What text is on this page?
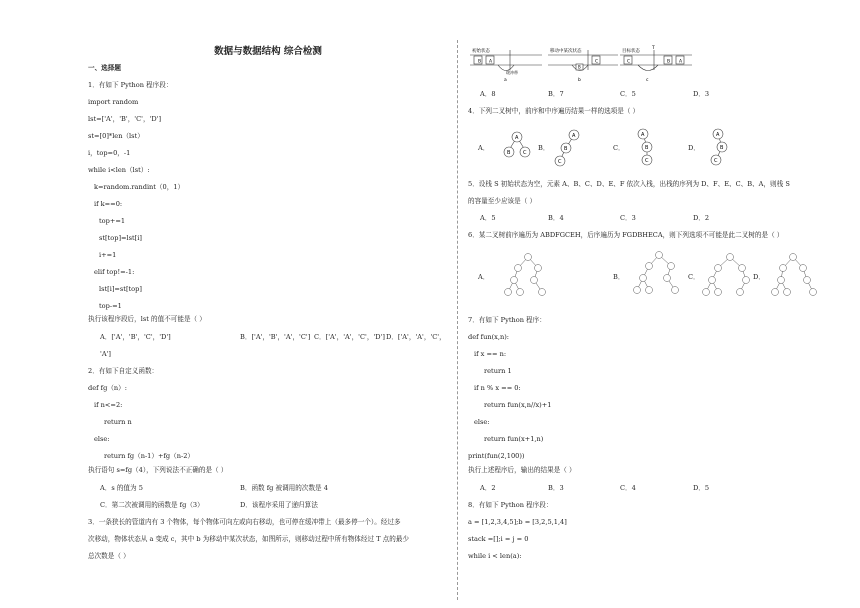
数据与数据结构 综合检测
一、选择题
1．有如下 Python 程序段：
import random
lst=['A'，'B'，'C'，'D']
st=[0]*len（lst）
i，top=0，-1
while i<len（lst）:
k=random.randint（0，1）
if k==0:
top+=1
st[top]=lst[i]
i+=1
elif top!=-1:
lst[i]=st[top]
top-=1
执行该程序段后，lst 的值不可能是（ ）
A．['A'，'B'，'C'，'D']	B．['A'，'B'，'A'，'C'] C．['A'，'A'，'C'，'D'] D．['A'，'A'，'C'，
'A']
2．有如下自定义函数：
def fg（n）:
if n<=2:
return n
else:
return fg（n-1）+fg（n-2）
执行语句 s=fg（4），下列说法不正确的是（ ）
A．s 的值为 5	B．函数 fg 被调用的次数是 4
C．第二次被调用的函数是 fg（3）	D．该程序采用了递归算法
3．一条狭长的管道内有 3 个物体，每个物体可向左或向右移动，也可停在缓冲带上（最多停一个）。经过多
次移动，物体状态从 a 变成 c，其中 b 为移动中某次状态，如图所示，则移动过程中所有物体经过 T 点的最少
总次数是（ ）
初始状态
B A
缓冲带
a
移动中某次状态
B
C
b
目标状态
C	B A
T
c
A．8	B．7	C．5	D．3
4．下列二叉树中，前序和中序遍历结果一样的选项是（ ）
A．
A
B	C
B．
A
B
C
C．
A
B
C
D．
A
B
C
5．设栈 S 初始状态为空，元素 A、B、C、D、E、F 依次入栈，出栈的序列为 D、F、E、C、B、A，则栈 S
的容量至少应该是（ ）
A．5	B．4	C．3	D．2
6．某二叉树前序遍历为 ABDFGCEH，后序遍历为 FGDBHECA，则下列选项不可能是此二叉树的是（ ）
A．	B．	C．	D．
7．有如下 Python 程序：
def fun(x,n):
if x == n:
return 1
if n % x == 0:
return fun(x,n//x)+1
else:
return fun(x+1,n)
print(fun(2,100))
执行上述程序后，输出的结果是（ ）
A．2	B．3	C．4	D．5
8．有如下 Python 程序段：
a = [1,2,3,4,5];b = [3,2,5,1,4]
stack =[];i = j = 0
while i < len(a):
